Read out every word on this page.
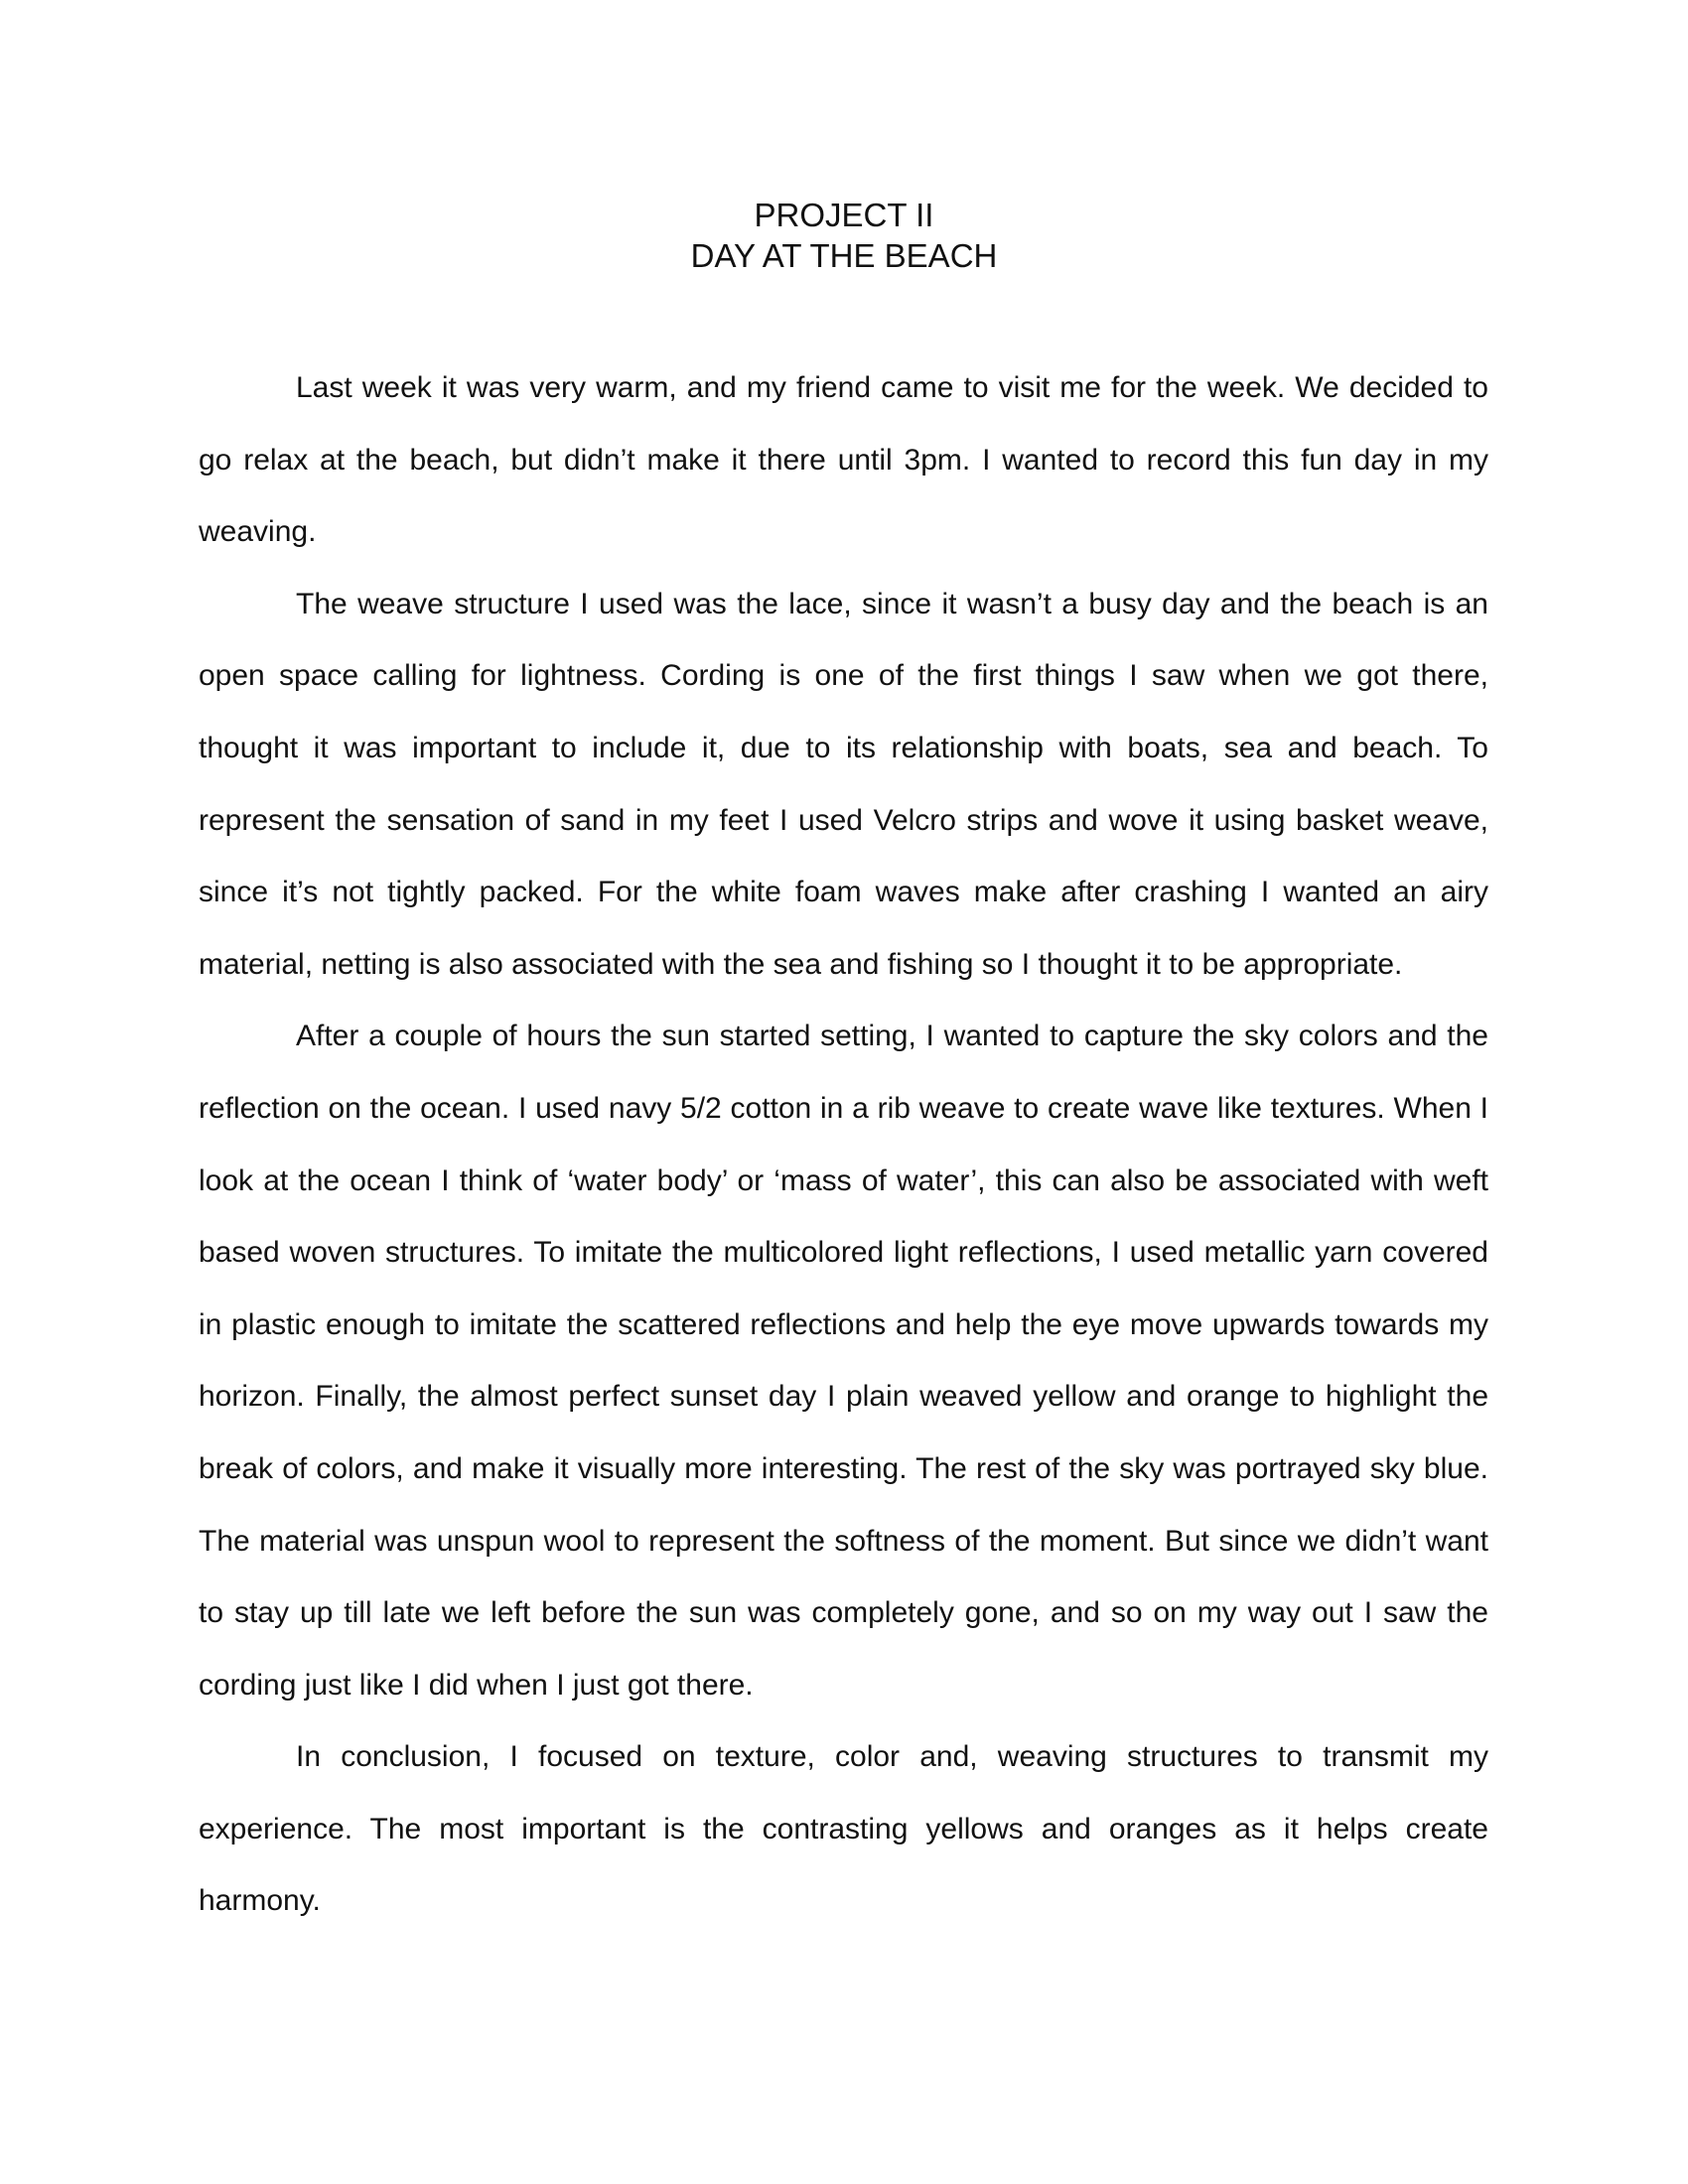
PROJECT II
DAY AT THE BEACH

Last week it was very warm, and my friend came to visit me for the week. We decided to go relax at the beach, but didn’t make it there until 3pm. I wanted to record this fun day in my weaving.

The weave structure I used was the lace, since it wasn’t a busy day and the beach is an open space calling for lightness. Cording is one of the first things I saw when we got there, thought it was important to include it, due to its relationship with boats, sea and beach. To represent the sensation of sand in my feet I used Velcro strips and wove it using basket weave, since it’s not tightly packed. For the white foam waves make after crashing I wanted an airy material, netting is also associated with the sea and fishing so I thought it to be appropriate.

After a couple of hours the sun started setting, I wanted to capture the sky colors and the reflection on the ocean. I used navy 5/2 cotton in a rib weave to create wave like textures. When I look at the ocean I think of ‘water body’ or ‘mass of water’, this can also be associated with weft based woven structures. To imitate the multicolored light reflections, I used metallic yarn covered in plastic enough to imitate the scattered reflections and help the eye move upwards towards my horizon. Finally, the almost perfect sunset day I plain weaved yellow and orange to highlight the break of colors, and make it visually more interesting. The rest of the sky was portrayed sky blue. The material was unspun wool to represent the softness of the moment. But since we didn’t want to stay up till late we left before the sun was completely gone, and so on my way out I saw the cording just like I did when I just got there.

In conclusion, I focused on texture, color and, weaving structures to transmit my experience. The most important is the contrasting yellows and oranges as it helps create harmony.
